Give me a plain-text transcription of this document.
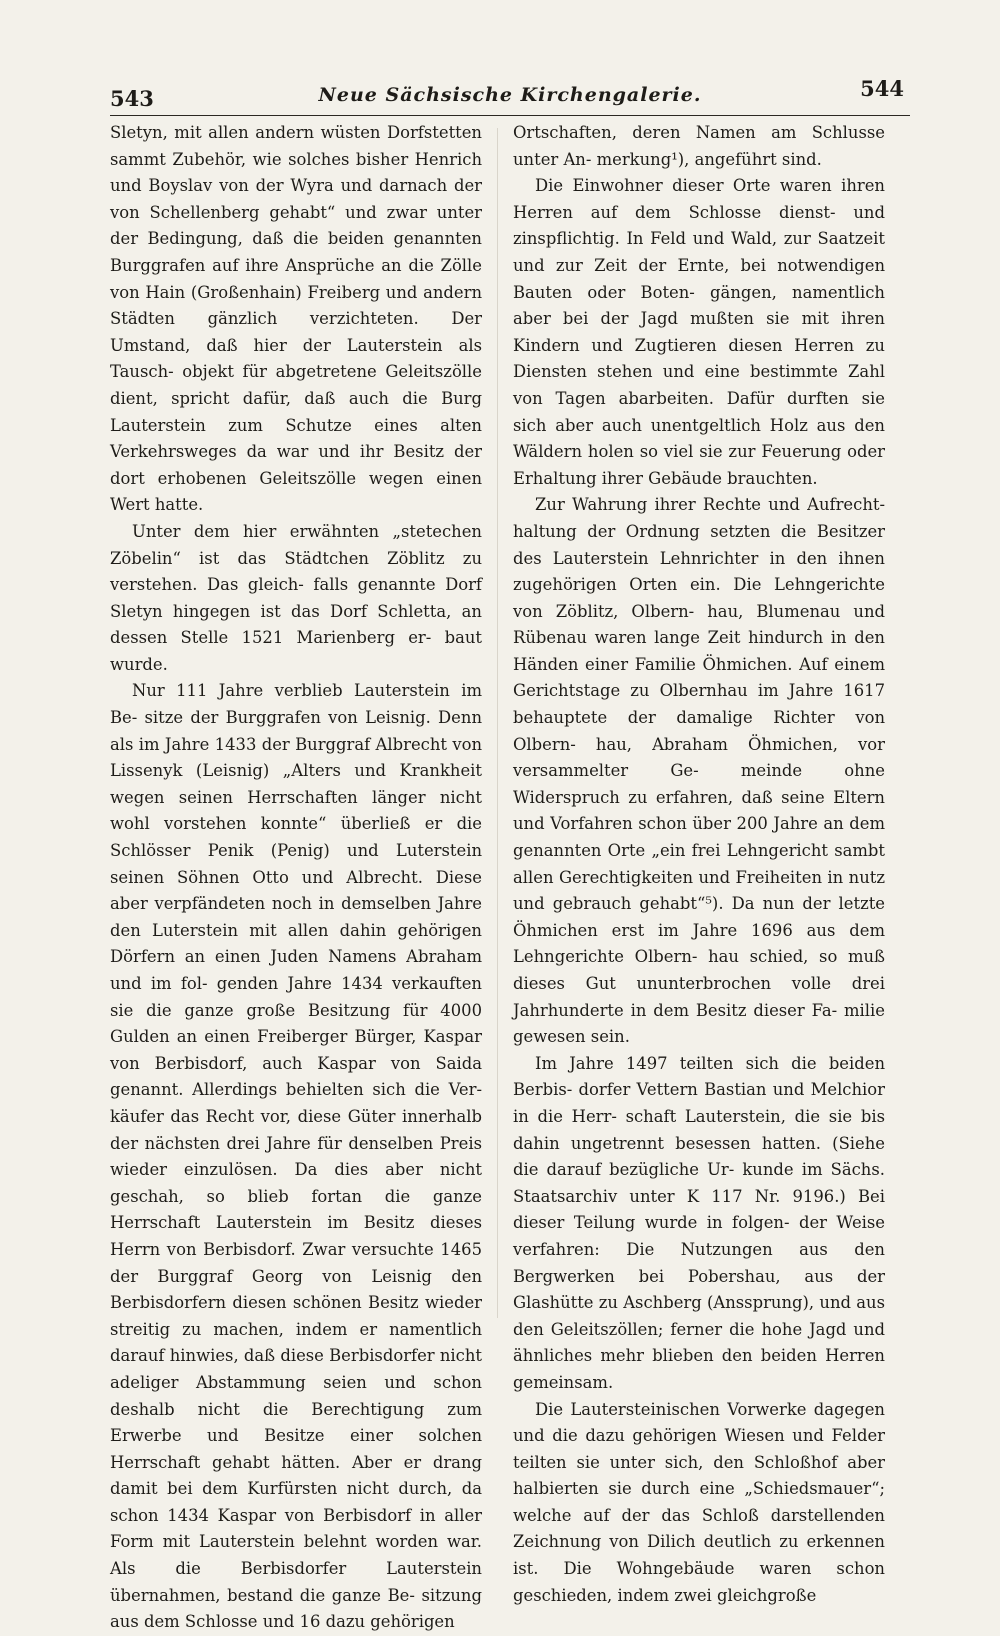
543	Neue Sächsische Kirchengalerie.	544

Sletyn, mit allen andern wüsten Dorfstetten sammt Zubehör, wie solches bisher Henrich und Boyslav von der Wyra und darnach der von Schellenberg gehabt“ und zwar unter der Bedingung, daß die beiden genannten Burggrafen auf ihre Ansprüche an die Zölle von Hain (Großenhain) Freiberg und andern Städten gänzlich verzichteten. Der Umstand, daß hier der Lauterstein als Tausch- objekt für abgetretene Geleitszölle dient, spricht dafür, daß auch die Burg Lauterstein zum Schutze eines alten Verkehrsweges da war und ihr Besitz der dort erhobenen Geleitszölle wegen einen Wert hatte.

Unter dem hier erwähnten „stetechen Zöbelin“ ist das Städtchen Zöblitz zu verstehen. Das gleich- falls genannte Dorf Sletyn hingegen ist das Dorf Schletta, an dessen Stelle 1521 Marienberg er- baut wurde.

Nur 111 Jahre verblieb Lauterstein im Be- sitze der Burggrafen von Leisnig. Denn als im Jahre 1433 der Burggraf Albrecht von Lissenyk (Leisnig) „Alters und Krankheit wegen seinen Herrschaften länger nicht wohl vorstehen konnte“ überließ er die Schlösser Penik (Penig) und Luterstein seinen Söhnen Otto und Albrecht. Diese aber verpfändeten noch in demselben Jahre den Luterstein mit allen dahin gehörigen Dörfern an einen Juden Namens Abraham und im fol- genden Jahre 1434 verkauften sie die ganze große Besitzung für 4000 Gulden an einen Freiberger Bürger, Kaspar von Berbisdorf, auch Kaspar von Saida genannt. Allerdings behielten sich die Ver- käufer das Recht vor, diese Güter innerhalb der nächsten drei Jahre für denselben Preis wieder einzulösen. Da dies aber nicht geschah, so blieb fortan die ganze Herrschaft Lauterstein im Besitz dieses Herrn von Berbisdorf. Zwar versuchte 1465 der Burggraf Georg von Leisnig den Berbisdorfern diesen schönen Besitz wieder streitig zu machen, indem er namentlich darauf hinwies, daß diese Berbisdorfer nicht adeliger Abstammung seien und schon deshalb nicht die Berechtigung zum Erwerbe und Besitze einer solchen Herrschaft gehabt hätten. Aber er drang damit bei dem Kurfürsten nicht durch, da schon 1434 Kaspar von Berbisdorf in aller Form mit Lauterstein belehnt worden war. Als die Berbisdorfer Lauterstein übernahmen, bestand die ganze Be- sitzung aus dem Schlosse und 16 dazu gehörigen

Ortschaften, deren Namen am Schlusse unter An- merkung¹), angeführt sind.

Die Einwohner dieser Orte waren ihren Herren auf dem Schlosse dienst- und zinspflichtig. In Feld und Wald, zur Saatzeit und zur Zeit der Ernte, bei notwendigen Bauten oder Boten- gängen, namentlich aber bei der Jagd mußten sie mit ihren Kindern und Zugtieren diesen Herren zu Diensten stehen und eine bestimmte Zahl von Tagen abarbeiten. Dafür durften sie sich aber auch unentgeltlich Holz aus den Wäldern holen so viel sie zur Feuerung oder Erhaltung ihrer Gebäude brauchten.

Zur Wahrung ihrer Rechte und Aufrecht- haltung der Ordnung setzten die Besitzer des Lauterstein Lehnrichter in den ihnen zugehörigen Orten ein. Die Lehngerichte von Zöblitz, Olbern- hau, Blumenau und Rübenau waren lange Zeit hindurch in den Händen einer Familie Öhmichen. Auf einem Gerichtstage zu Olbernhau im Jahre 1617 behauptete der damalige Richter von Olbern- hau, Abraham Öhmichen, vor versammelter Ge- meinde ohne Widerspruch zu erfahren, daß seine Eltern und Vorfahren schon über 200 Jahre an dem genannten Orte „ein frei Lehngericht sambt allen Gerechtigkeiten und Freiheiten in nutz und gebrauch gehabt“⁵). Da nun der letzte Öhmichen erst im Jahre 1696 aus dem Lehngerichte Olbern- hau schied, so muß dieses Gut ununterbrochen volle drei Jahrhunderte in dem Besitz dieser Fa- milie gewesen sein.

Im Jahre 1497 teilten sich die beiden Berbis- dorfer Vettern Bastian und Melchior in die Herr- schaft Lauterstein, die sie bis dahin ungetrennt besessen hatten. (Siehe die darauf bezügliche Ur- kunde im Sächs. Staatsarchiv unter K 117 Nr. 9196.) Bei dieser Teilung wurde in folgen- der Weise verfahren: Die Nutzungen aus den Bergwerken bei Pobershau, aus der Glashütte zu Aschberg (Anssprung), und aus den Geleitszöllen; ferner die hohe Jagd und ähnliches mehr blieben den beiden Herren gemeinsam.

Die Lautersteinischen Vorwerke dagegen und die dazu gehörigen Wiesen und Felder teilten sie unter sich, den Schloßhof aber halbierten sie durch eine „Schiedsmauer“; welche auf der das Schloß darstellenden Zeichnung von Dilich deutlich zu erkennen ist. Die Wohngebäude waren schon geschieden, indem zwei gleichgroße
